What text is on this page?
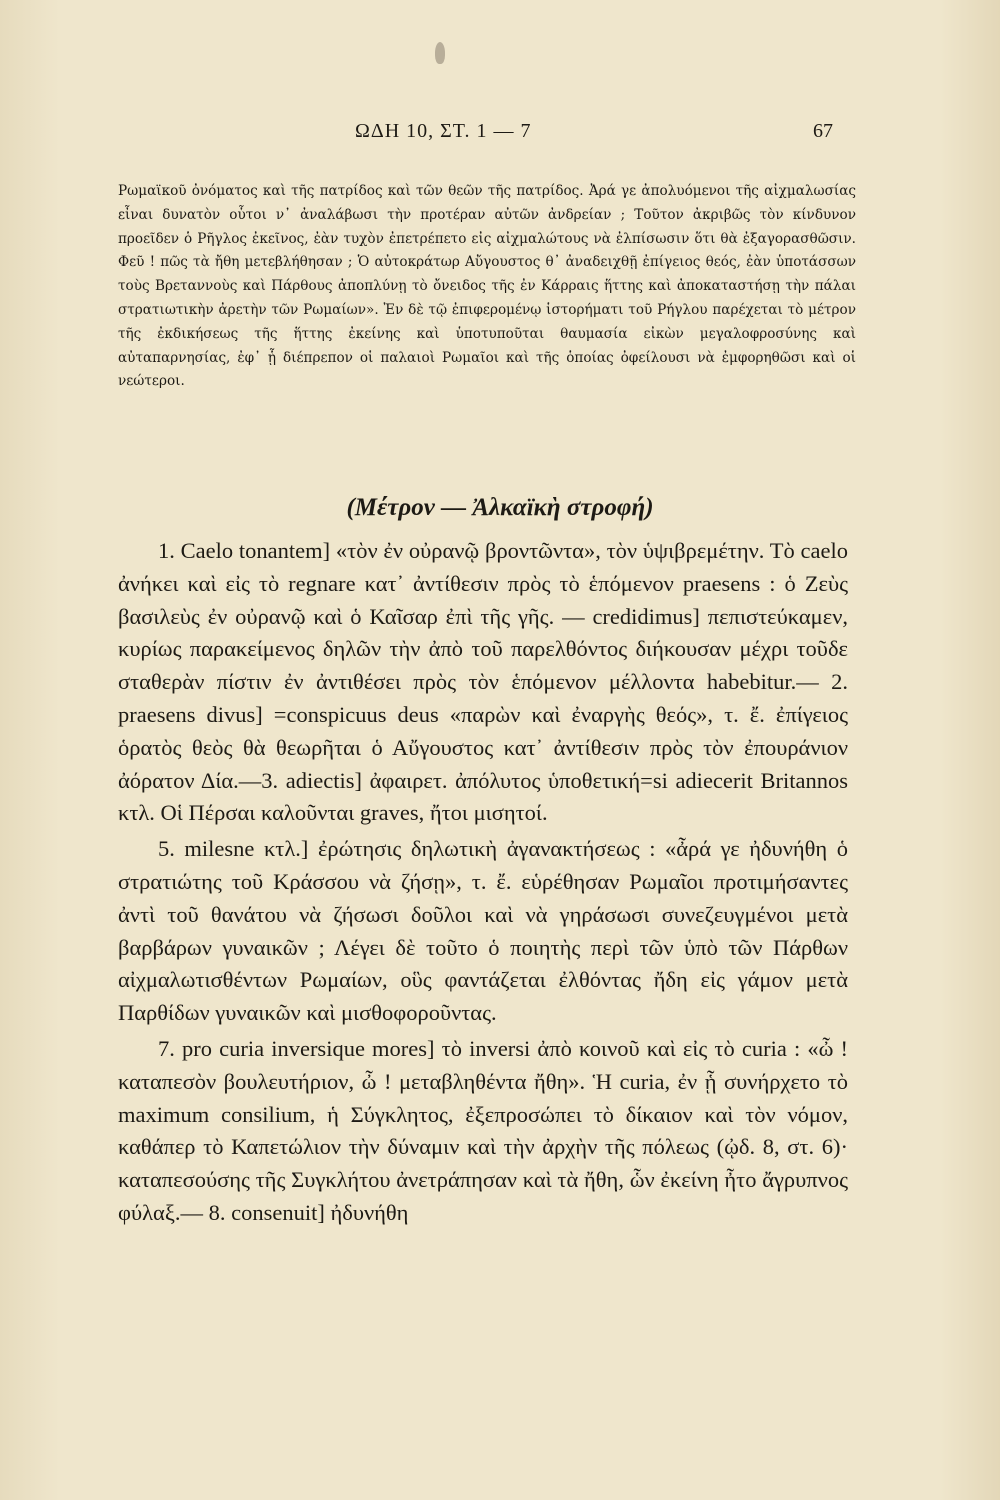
ΩΔΗ 10, ΣΤ. 1 — 7	67

Ρωμαϊκοῦ ὀνόματος καὶ τῆς πατρίδος καὶ τῶν θεῶν τῆς πατρίδος. Ἀρά γε ἀπολυόμενοι τῆς αἰχμαλωσίας εἶναι δυνατὸν οὗτοι ν᾽ ἀναλάβωσι τὴν προτέραν αὐτῶν ἀνδρείαν ; Τοῦτον ἀκριβῶς τὸν κίνδυνον προεῖδεν ὁ Ρῆγλος ἐκεῖνος, ἐὰν τυχὸν ἐπετρέπετο εἰς αἰχμαλώτους νὰ ἐλπίσωσιν ὅτι θὰ ἐξαγορασθῶσιν. Φεῦ ! πῶς τὰ ἤθη μετεβλήθησαν ; Ὁ αὐτοκράτωρ Αὔγουστος θ᾽ ἀναδειχθῇ ἐπίγειος θεός, ἐὰν ὑποτάσσων τοὺς Βρεταννοὺς καὶ Πάρθους ἀποπλύνῃ τὸ ὄνειδος τῆς ἐν Κάρραις ἥττης καὶ ἀποκαταστήσῃ τὴν πάλαι στρατιωτικὴν ἀρετὴν τῶν Ρωμαίων». Ἐν δὲ τῷ ἐπιφερομένῳ ἱστορήματι τοῦ Ρήγλου παρέχεται τὸ μέτρον τῆς ἐκδικήσεως τῆς ἥττης ἐκείνης καὶ ὑποτυποῦται θαυμασία εἰκὼν μεγαλοφροσύνης καὶ αὐταπαρνησίας, ἐφ᾽ ᾗ διέπρεπον οἱ παλαιοὶ Ρωμαῖοι καὶ τῆς ὁποίας ὀφείλουσι νὰ ἐμφορηθῶσι καὶ οἱ νεώτεροι.

(Μέτρον — Ἀλκαϊκὴ στροφή)

1. Caelo tonantem] «τὸν ἐν οὐρανῷ βροντῶντα», τὸν ὑψιβρεμέτην. Τὸ caelo ἀνήκει καὶ εἰς τὸ regnare κατ᾽ ἀντίθεσιν πρὸς τὸ ἑπόμενον praesens : ὁ Ζεὺς βασιλεὺς ἐν οὐρανῷ καὶ ὁ Καῖσαρ ἐπὶ τῆς γῆς. — credidimus] πεπιστεύκαμεν, κυρίως παρακείμενος δηλῶν τὴν ἀπὸ τοῦ παρελθόντος διήκουσαν μέχρι τοῦδε σταθερὰν πίστιν ἐν ἀντιθέσει πρὸς τὸν ἑπόμενον μέλλοντα habebitur.— 2. praesens divus] =conspicuus deus «παρὼν καὶ ἐναργὴς θεός», τ. ἔ. ἐπίγειος ὁρατὸς θεὸς θὰ θεωρῆται ὁ Αὔγουστος κατ᾽ ἀντίθεσιν πρὸς τὸν ἐπουράνιον ἀόρατον Δία.—3. adiectis] ἀφαιρετ. ἀπόλυτος ὑποθετική=si adiecerit Britannos κτλ. Οἱ Πέρσαι καλοῦνται graves, ἤτοι μισητοί.

5. milesne κτλ.] ἐρώτησις δηλωτικὴ ἀγανακτήσεως : «ἆρά γε ἠδυνήθη ὁ στρατιώτης τοῦ Κράσσου νὰ ζήσῃ», τ. ἔ. εὑρέθησαν Ρωμαῖοι προτιμήσαντες ἀντὶ τοῦ θανάτου νὰ ζήσωσι δοῦλοι καὶ νὰ γηράσωσι συνεζευγμένοι μετὰ βαρβάρων γυναικῶν ; Λέγει δὲ τοῦτο ὁ ποιητὴς περὶ τῶν ὑπὸ τῶν Πάρθων αἰχμαλωτισθέντων Ρωμαίων, οὓς φαντάζεται ἐλθόντας ἤδη εἰς γάμον μετὰ Παρθίδων γυναικῶν καὶ μισθοφοροῦντας.

7. pro curia inversique mores] τὸ inversi ἀπὸ κοινοῦ καὶ εἰς τὸ curia : «ὦ ! καταπεσὸν βουλευτήριον, ὦ ! μεταβληθέντα ἤθη». Ἡ curia, ἐν ᾗ συνήρχετο τὸ maximum consilium, ἡ Σύγκλητος, ἐξεπροσώπει τὸ δίκαιον καὶ τὸν νόμον, καθάπερ τὸ Καπετώλιον τὴν δύναμιν καὶ τὴν ἀρχὴν τῆς πόλεως (ᾠδ. 8, στ. 6)· καταπεσούσης τῆς Συγκλήτου ἀνετράπησαν καὶ τὰ ἤθη, ὧν ἐκείνη ἦτο ἄγρυπνος φύλαξ.— 8. consenuit] ἠδυνήθη
